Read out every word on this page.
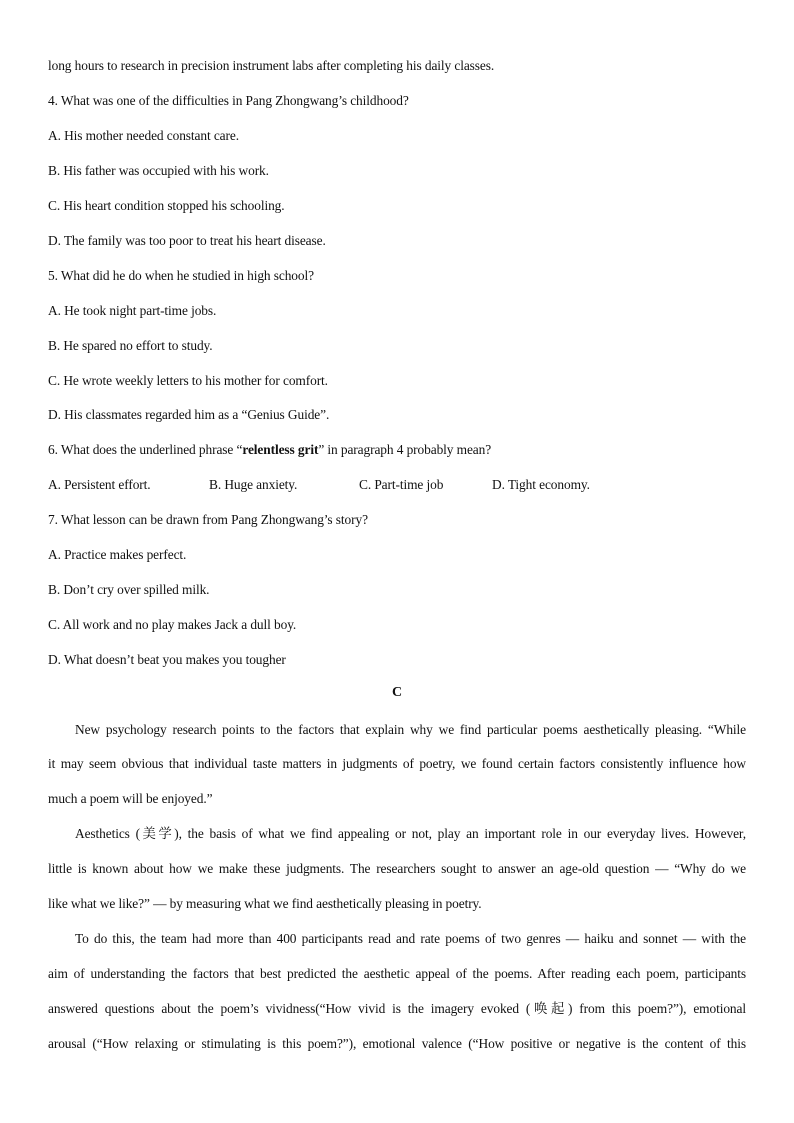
long hours to research in precision instrument labs after completing his daily classes.
4. What was one of the difficulties in Pang Zhongwang’s childhood?
A. His mother needed constant care.
B. His father was occupied with his work.
C. His heart condition stopped his schooling.
D. The family was too poor to treat his heart disease.
5. What did he do when he studied in high school?
A. He took night part-time jobs.
B. He spared no effort to study.
C. He wrote weekly letters to his mother for comfort.
D. His classmates regarded him as a “Genius Guide”.
6. What does the underlined phrase “relentless grit” in paragraph 4 probably mean?
A. Persistent effort.	B. Huge anxiety.	C. Part-time job	D. Tight economy.
7. What lesson can be drawn from Pang Zhongwang’s story?
A. Practice makes perfect.
B. Don’t cry over spilled milk.
C. All work and no play makes Jack a dull boy.
D. What doesn’t beat you makes you tougher
C
New psychology research points to the factors that explain why we find particular poems aesthetically pleasing. “While
it may seem obvious that individual taste matters in judgments of poetry, we found certain factors consistently influence how
much a poem will be enjoyed.”
Aesthetics (美学), the basis of what we find appealing or not, play an important role in our everyday lives. However,
little is known about how we make these judgments. The researchers sought to answer an age-old question — “Why do we
like what we like?” — by measuring what we find aesthetically pleasing in poetry.
To do this, the team had more than 400 participants read and rate poems of two genres — haiku and sonnet — with the
aim of understanding the factors that best predicted the aesthetic appeal of the poems. After reading each poem, participants
answered questions about the poem’s vividness(“How vivid is the imagery evoked (唤起) from this poem?”), emotional
arousal (“How relaxing or stimulating is this poem?”), emotional valence (“How positive or negative is the content of this
